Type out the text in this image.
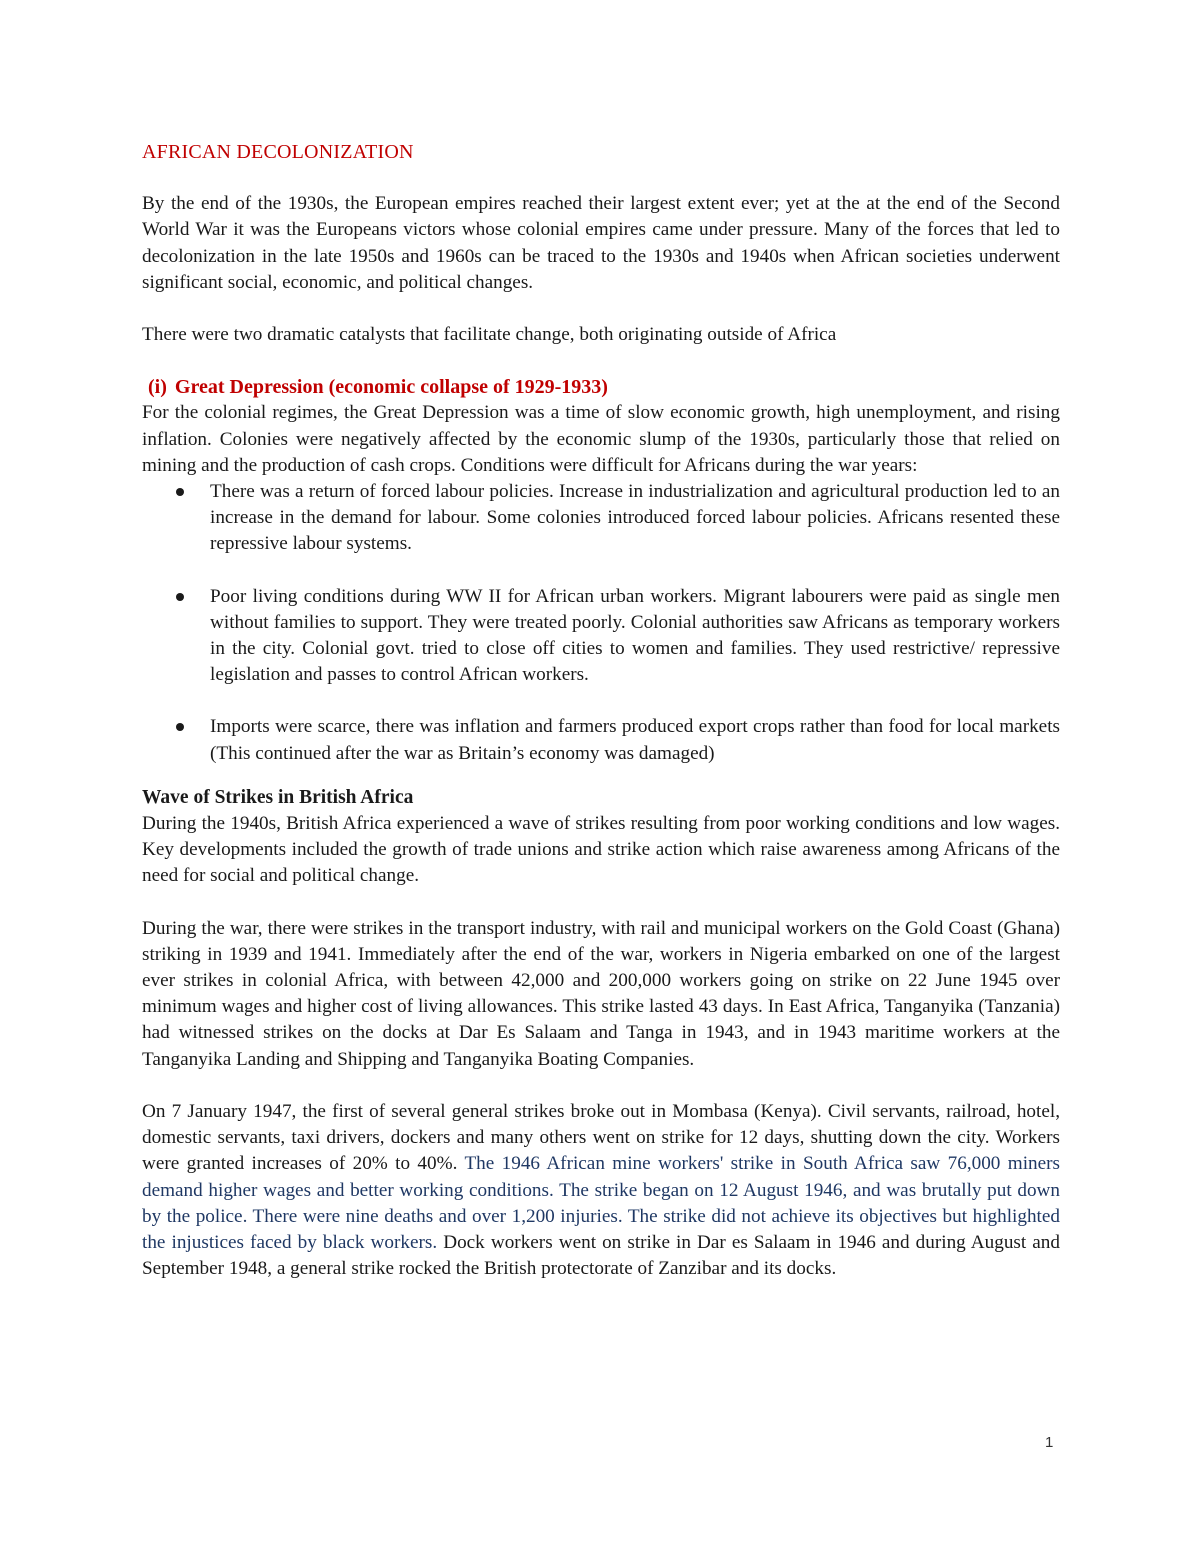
AFRICAN DECOLONIZATION

By the end of the 1930s, the European empires reached their largest extent ever; yet at the at the end of the Second World War it was the Europeans victors whose colonial empires came under pressure. Many of the forces that led to decolonization in the late 1950s and 1960s can be traced to the 1930s and 1940s when African societies underwent significant social, economic, and political changes.

There were two dramatic catalysts that facilitate change, both originating outside of Africa

(i) Great Depression (economic collapse of 1929-1933)

For the colonial regimes, the Great Depression was a time of slow economic growth, high unemployment, and rising inflation. Colonies were negatively affected by the economic slump of the 1930s, particularly those that relied on mining and the production of cash crops. Conditions were difficult for Africans during the war years:

There was a return of forced labour policies. Increase in industrialization and agricultural production led to an increase in the demand for labour. Some colonies introduced forced labour policies. Africans resented these repressive labour systems.
Poor living conditions during WW II for African urban workers. Migrant labourers were paid as single men without families to support. They were treated poorly. Colonial authorities saw Africans as temporary workers in the city. Colonial govt. tried to close off cities to women and families. They used restrictive/ repressive legislation and passes to control African workers.
Imports were scarce, there was inflation and farmers produced export crops rather than food for local markets (This continued after the war as Britain’s economy was damaged)
Wave of Strikes in British Africa

During the 1940s, British Africa experienced a wave of strikes resulting from poor working conditions and low wages. Key developments included the growth of trade unions and strike action which raise awareness among Africans of the need for social and political change.

During the war, there were strikes in the transport industry, with rail and municipal workers on the Gold Coast (Ghana) striking in 1939 and 1941. Immediately after the end of the war, workers in Nigeria embarked on one of the largest ever strikes in colonial Africa, with between 42,000 and 200,000 workers going on strike on 22 June 1945 over minimum wages and higher cost of living allowances. This strike lasted 43 days. In East Africa, Tanganyika (Tanzania) had witnessed strikes on the docks at Dar Es Salaam and Tanga in 1943, and in 1943 maritime workers at the Tanganyika Landing and Shipping and Tanganyika Boating Companies.

On 7 January 1947, the first of several general strikes broke out in Mombasa (Kenya). Civil servants, railroad, hotel, domestic servants, taxi drivers, dockers and many others went on strike for 12 days, shutting down the city. Workers were granted increases of 20% to 40%. The 1946 African mine workers' strike in South Africa saw 76,000 miners demand higher wages and better working conditions. The strike began on 12 August 1946, and was brutally put down by the police. There were nine deaths and over 1,200 injuries. The strike did not achieve its objectives but highlighted the injustices faced by black workers. Dock workers went on strike in Dar es Salaam in 1946 and during August and September 1948, a general strike rocked the British protectorate of Zanzibar and its docks.

1
